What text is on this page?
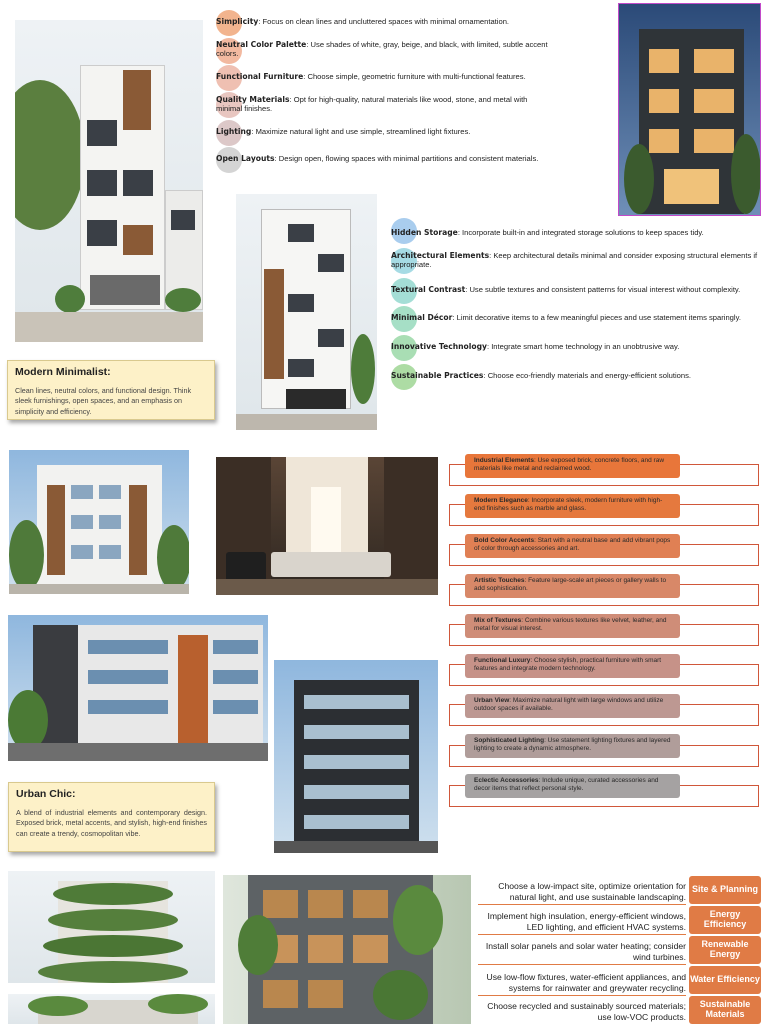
Simplicity: Focus on clean lines and uncluttered spaces with minimal ornamentation.
Neutral Color Palette: Use shades of white, gray, beige, and black, with limited, subtle accent colors.
Functional Furniture: Choose simple, geometric furniture with multi-functional features.
Quality Materials: Opt for high-quality, natural materials like wood, stone, and metal with minimal finishes.
Lighting: Maximize natural light and use simple, streamlined light fixtures.
Open Layouts: Design open, flowing spaces with minimal partitions and consistent materials.
Hidden Storage: Incorporate built-in and integrated storage solutions to keep spaces tidy.
Architectural Elements: Keep architectural details minimal and consider exposing structural elements if appropriate.
Textural Contrast: Use subtle textures and consistent patterns for visual interest without complexity.
Minimal Décor: Limit decorative items to a few meaningful pieces and use statement items sparingly.
Innovative Technology: Integrate smart home technology in an unobtrusive way.
Sustainable Practices: Choose eco-friendly materials and energy-efficient solutions.
Modern Minimalist:

Clean lines, neutral colors, and functional design. Think sleek furnishings, open spaces, and an emphasis on simplicity and efficiency.

Urban Chic:

A blend of industrial elements and contemporary design. Exposed brick, metal accents, and stylish, high-end finishes can create a trendy, cosmopolitan vibe.

Industrial Elements: Use exposed brick, concrete floors, and raw materials like metal and reclaimed wood.
Modern Elegance: Incorporate sleek, modern furniture with high-end finishes such as marble and glass.
Bold Color Accents: Start with a neutral base and add vibrant pops of color through accessories and art.
Artistic Touches: Feature large-scale art pieces or gallery walls to add sophistication.
Mix of Textures: Combine various textures like velvet, leather, and metal for visual interest.
Functional Luxury: Choose stylish, practical furniture with smart features and integrate modern technology.
Urban View: Maximize natural light with large windows and utilize outdoor spaces if available.
Sophisticated Lighting: Use statement lighting fixtures and layered lighting to create a dynamic atmosphere.
Eclectic Accessories: Include unique, curated accessories and decor items that reflect personal style.
Choose a low-impact site, optimize orientation for natural light, and use sustainable landscaping.
Site & Planning
Implement high insulation, energy-efficient windows, LED lighting, and efficient HVAC systems.
Energy Efficiency
Install solar panels and solar water heating; consider wind turbines.
Renewable Energy
Use low-flow fixtures, water-efficient appliances, and systems for rainwater and greywater recycling.
Water Efficiency
Choose recycled and sustainably sourced materials; use low-VOC products.
Sustainable Materials
